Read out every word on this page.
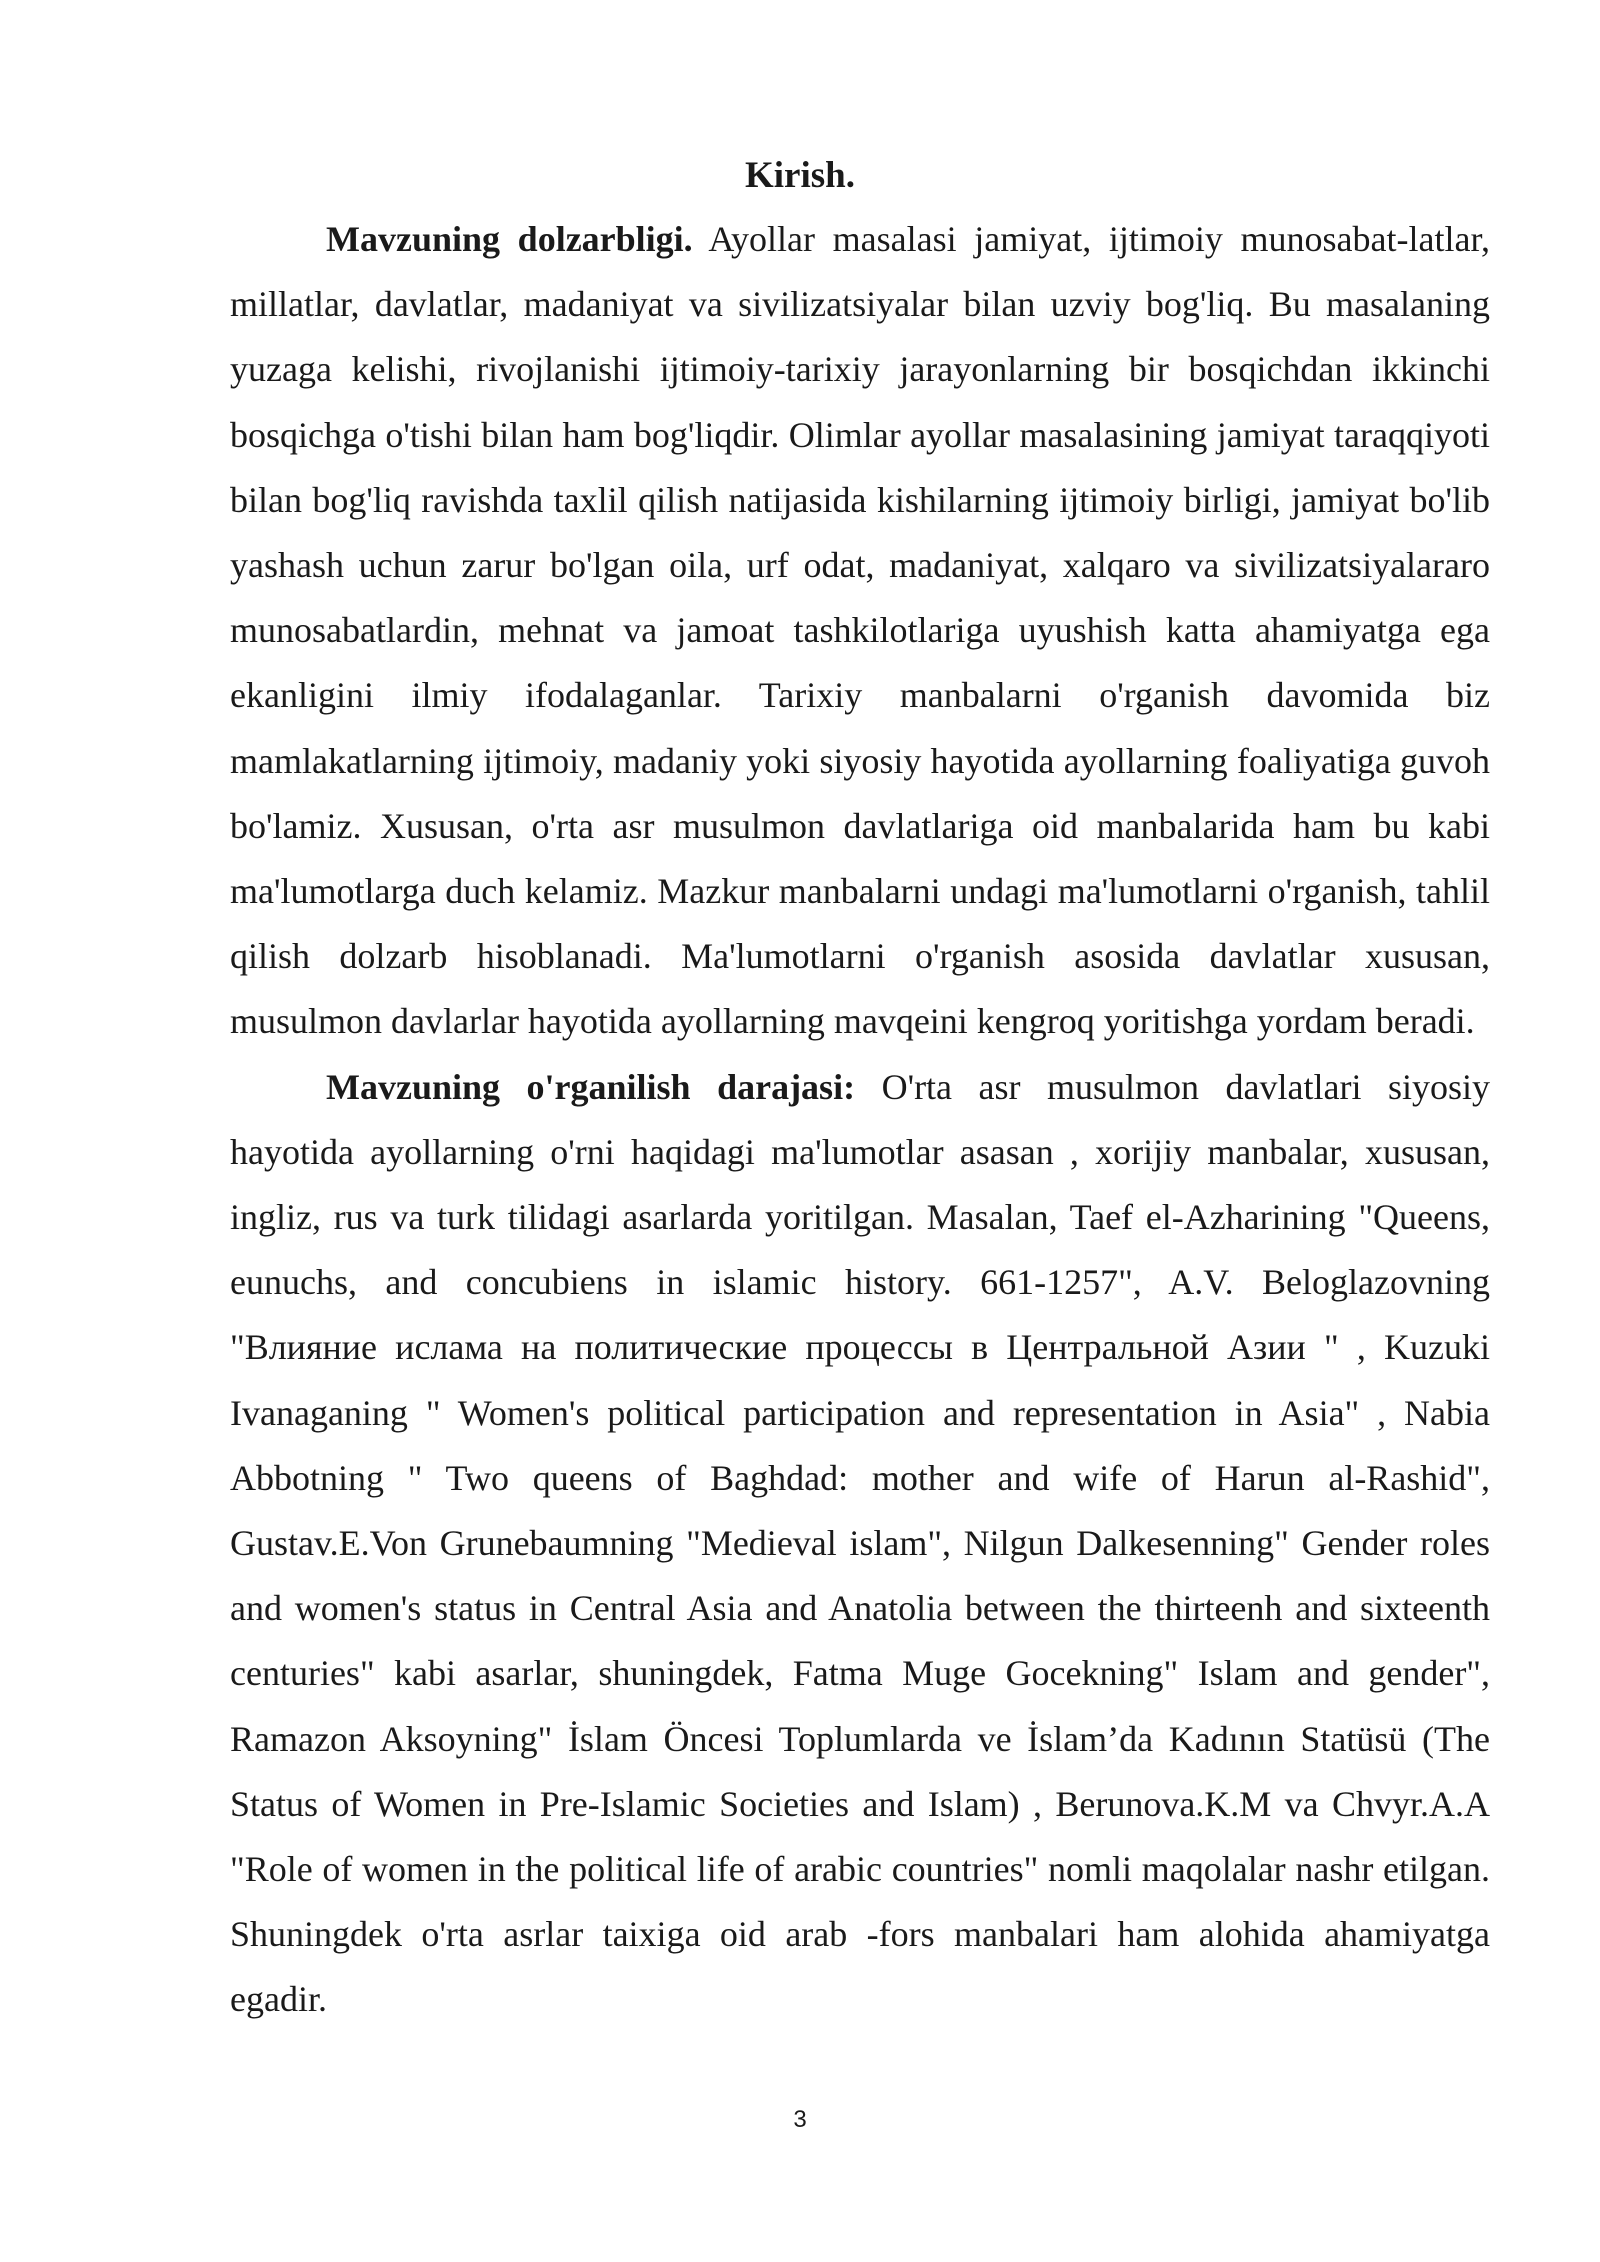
Kirish.

Mavzuning dolzarbligi. Ayollar masalasi jamiyat, ijtimoiy munosabat-latlar, millatlar, davlatlar, madaniyat va sivilizatsiyalar bilan uzviy bog'liq. Bu masalaning yuzaga kelishi, rivojlanishi ijtimoiy-tarixiy jarayonlarning bir bosqichdan ikkinchi bosqichga o'tishi bilan ham bog'liqdir. Olimlar ayollar masalasining jamiyat taraqqiyoti bilan bog'liq ravishda taxlil qilish natijasida kishilarning ijtimoiy birligi, jamiyat bo'lib yashash uchun zarur bo'lgan oila, urf odat, madaniyat, xalqaro va sivilizatsiyalararo munosabatlardin, mehnat va jamoat tashkilotlariga uyushish katta ahamiyatga ega ekanligini ilmiy ifodalaganlar. Tarixiy manbalarni o'rganish davomida biz mamlakatlarning ijtimoiy, madaniy yoki siyosiy hayotida ayollarning foaliyatiga guvoh bo'lamiz. Xususan, o'rta asr musulmon davlatlariga oid manbalarida ham bu kabi ma'lumotlarga duch kelamiz. Mazkur manbalarni undagi ma'lumotlarni o'rganish, tahlil qilish dolzarb hisoblanadi. Ma'lumotlarni o'rganish asosida davlatlar xususan, musulmon davlarlar hayotida ayollarning mavqeini kengroq yoritishga yordam beradi.

Mavzuning o'rganilish darajasi: O'rta asr musulmon davlatlari siyosiy hayotida ayollarning o'rni haqidagi ma'lumotlar asasan , xorijiy manbalar, xususan, ingliz, rus va turk tilidagi asarlarda yoritilgan. Masalan, Taef el-Azharining "Queens, eunuchs, and concubiens in islamic history. 661-1257", A.V. Beloglazovning "Влияние ислама на политические процессы в Центральной Азии " , Kuzuki Ivanaganing " Women's political participation and representation in Asia" , Nabia Abbotning " Two queens of Baghdad: mother and wife of Harun al-Rashid", Gustav.E.Von Grunebaumning "Medieval islam", Nilgun Dalkesenning" Gender roles and women's status in Central Asia and Anatolia between the thirteenh and sixteenth centuries" kabi asarlar, shuningdek, Fatma Muge Gocekning" Islam and gender", Ramazon Aksoyning" İslam Öncesi Toplumlarda ve İslam’da Kadının Statüsü (The Status of Women in Pre-Islamic Societies and Islam) , Berunova.K.M va Chvyr.A.A "Role of women in the political life of arabic countries" nomli maqolalar nashr etilgan. Shuningdek o'rta asrlar taixiga oid arab -fors manbalari ham alohida ahamiyatga egadir.

3
